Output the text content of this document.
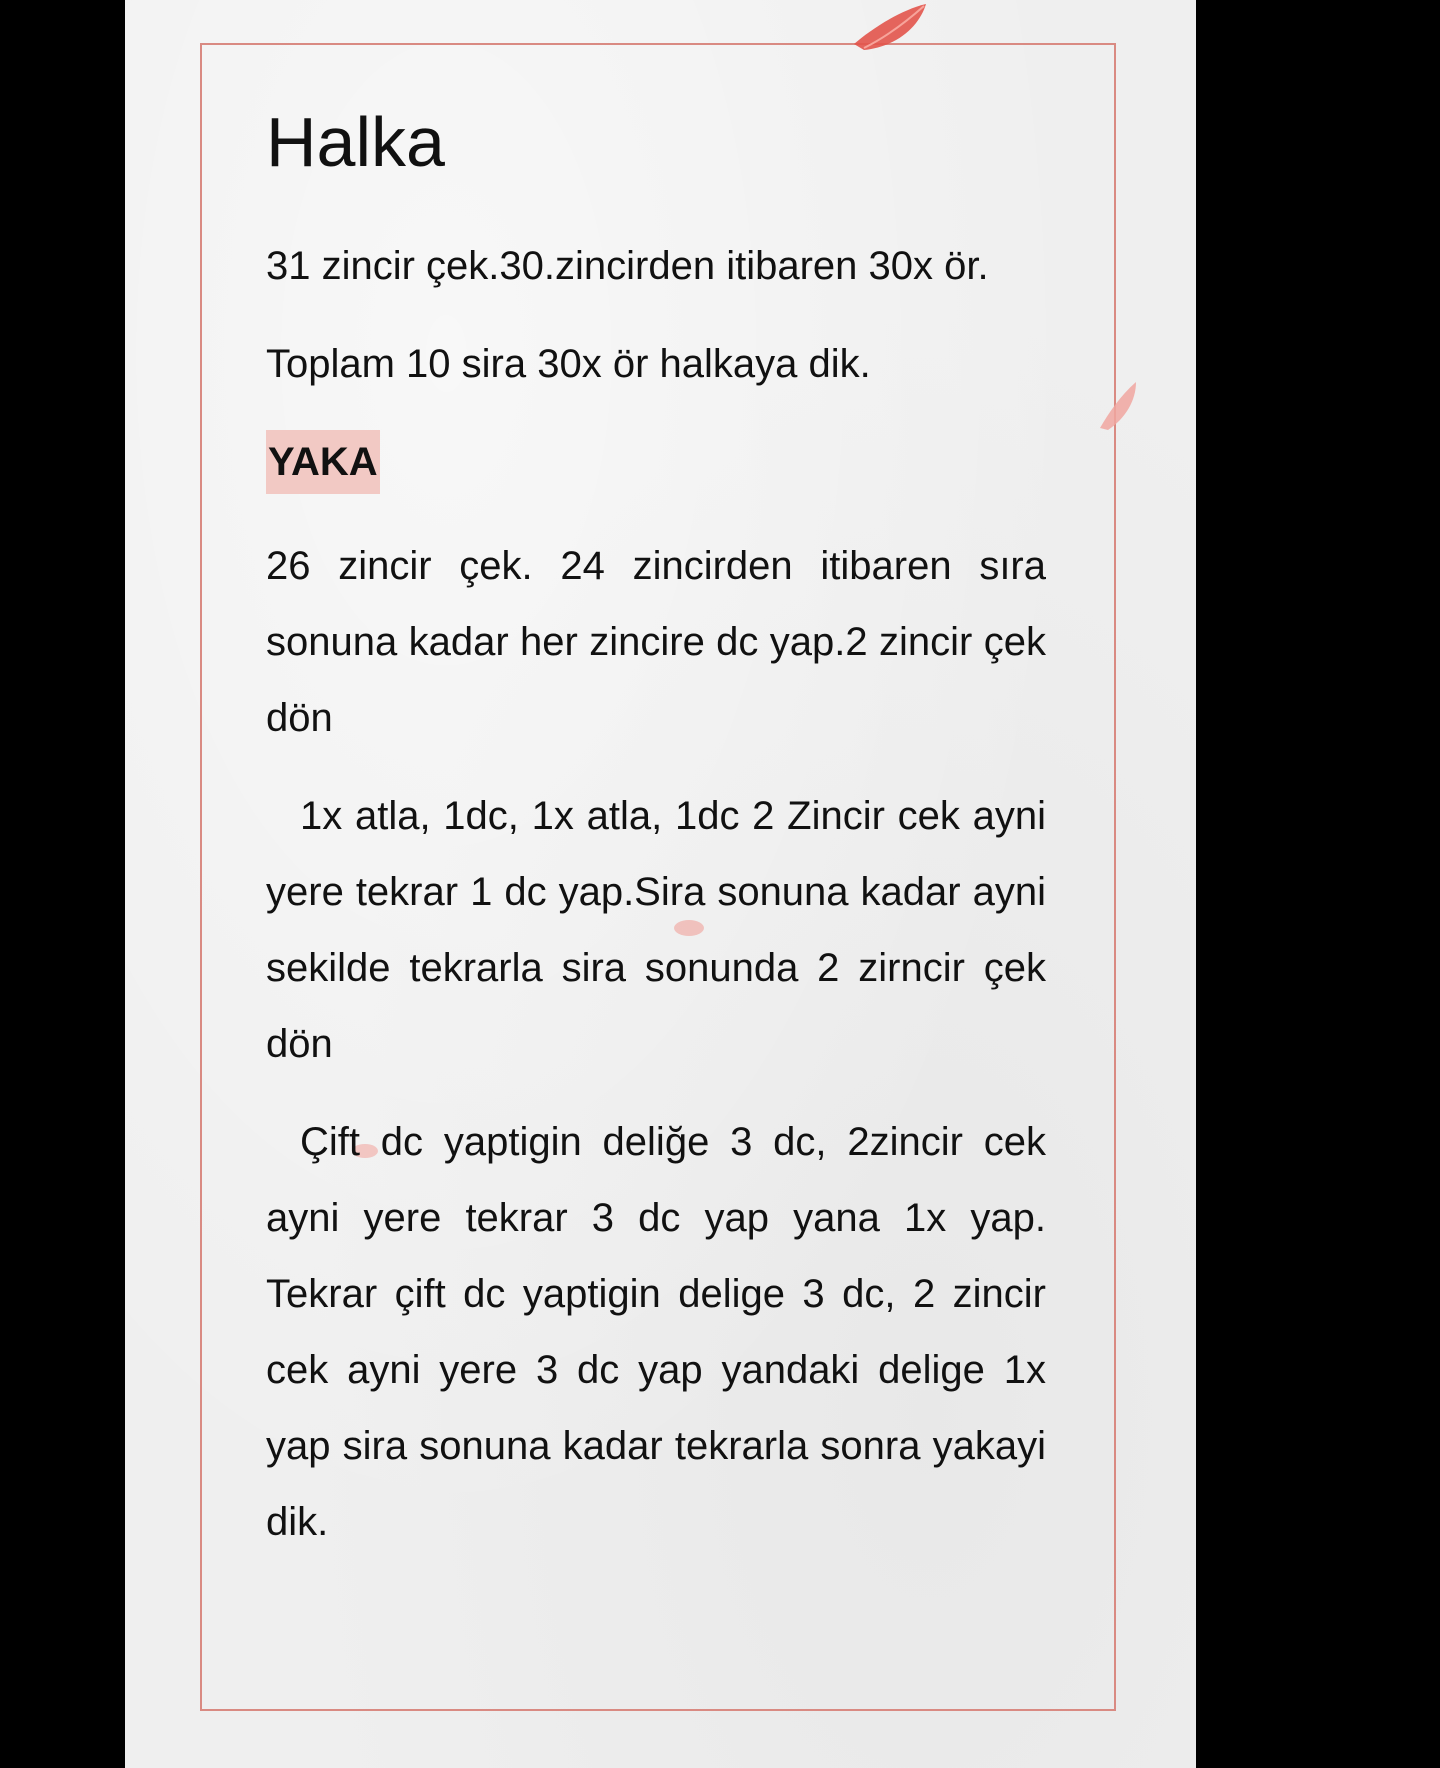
Halka

31 zincir çek.30.zincirden itibaren 30x ör.

Toplam 10 sira 30x ör halkaya dik.

YAKA

26 zincir çek. 24 zincirden itibaren sıra sonuna kadar her zincire dc yap.2 zincir çek dön

1x atla, 1dc, 1x atla, 1dc 2 Zincir cek ayni yere tekrar 1 dc yap.Sira sonuna kadar ayni sekilde tekrarla sira sonunda 2 zirncir çek dön

Çift dc yaptigin deliğe 3 dc, 2zincir cek ayni yere tekrar 3 dc yap yana 1x yap. Tekrar çift dc yaptigin delige 3 dc, 2 zincir cek ayni yere 3 dc yap yandaki delige 1x yap sira sonuna kadar tekrarla sonra yakayi dik.
